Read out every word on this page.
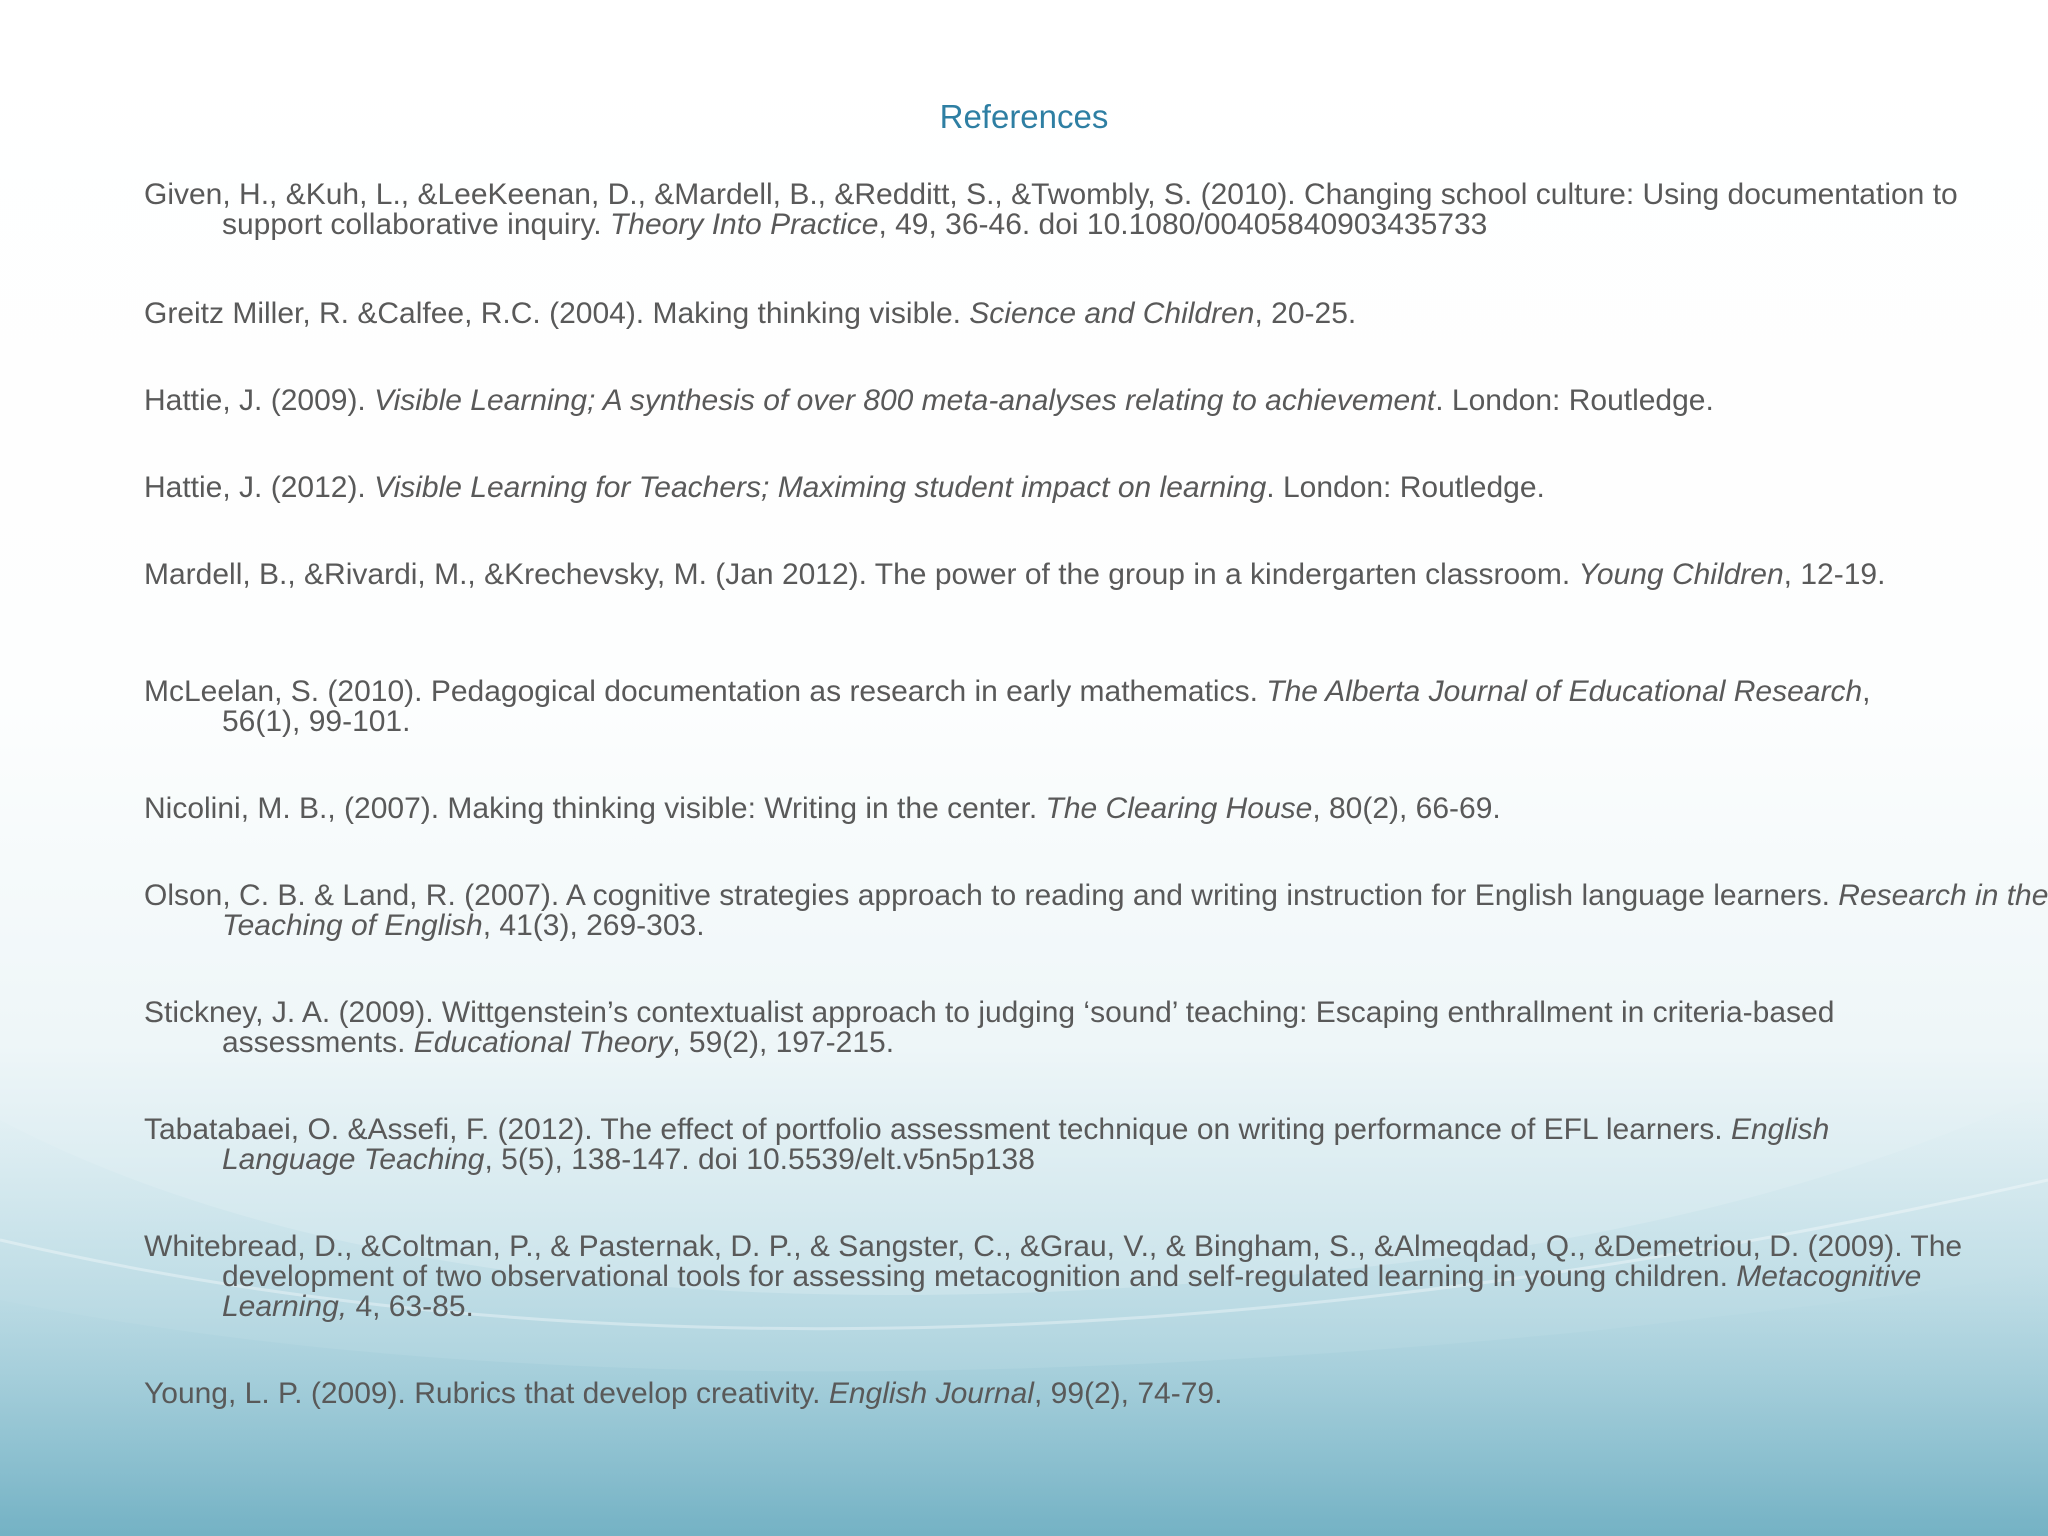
References

Given, H., &Kuh, L., &LeeKeenan, D., &Mardell, B., &Redditt, S., &Twombly, S. (2010). Changing school culture: Using documentation to support collaborative inquiry. Theory Into Practice, 49, 36-46. doi 10.1080/00405840903435733

Greitz Miller, R. &Calfee, R.C. (2004). Making thinking visible. Science and Children, 20-25.

Hattie, J. (2009). Visible Learning; A synthesis of over 800 meta-analyses relating to achievement. London: Routledge.

Hattie, J. (2012). Visible Learning for Teachers; Maximing student impact on learning. London: Routledge.

Mardell, B., &Rivardi, M., &Krechevsky, M. (Jan 2012). The power of the group in a kindergarten classroom. Young Children, 12-19.

McLeelan, S. (2010). Pedagogical documentation as research in early mathematics. The Alberta Journal of Educational Research, 56(1), 99-101.

Nicolini, M. B., (2007). Making thinking visible: Writing in the center. The Clearing House, 80(2), 66-69.

Olson, C. B. & Land, R. (2007). A cognitive strategies approach to reading and writing instruction for English language learners. Research in the Teaching of English, 41(3), 269-303.

Stickney, J. A. (2009). Wittgenstein’s contextualist approach to judging ‘sound’ teaching: Escaping enthrallment in criteria-based assessments. Educational Theory, 59(2), 197-215.

Tabatabaei, O. &Assefi, F. (2012). The effect of portfolio assessment technique on writing performance of EFL learners. English Language Teaching, 5(5), 138-147. doi 10.5539/elt.v5n5p138

Whitebread, D., &Coltman, P., & Pasternak, D. P., & Sangster, C., &Grau, V., & Bingham, S., &Almeqdad, Q., &Demetriou, D. (2009). The development of two observational tools for assessing metacognition and self-regulated learning in young children. Metacognitive Learning, 4, 63-85.

Young, L. P. (2009). Rubrics that develop creativity. English Journal, 99(2), 74-79.
